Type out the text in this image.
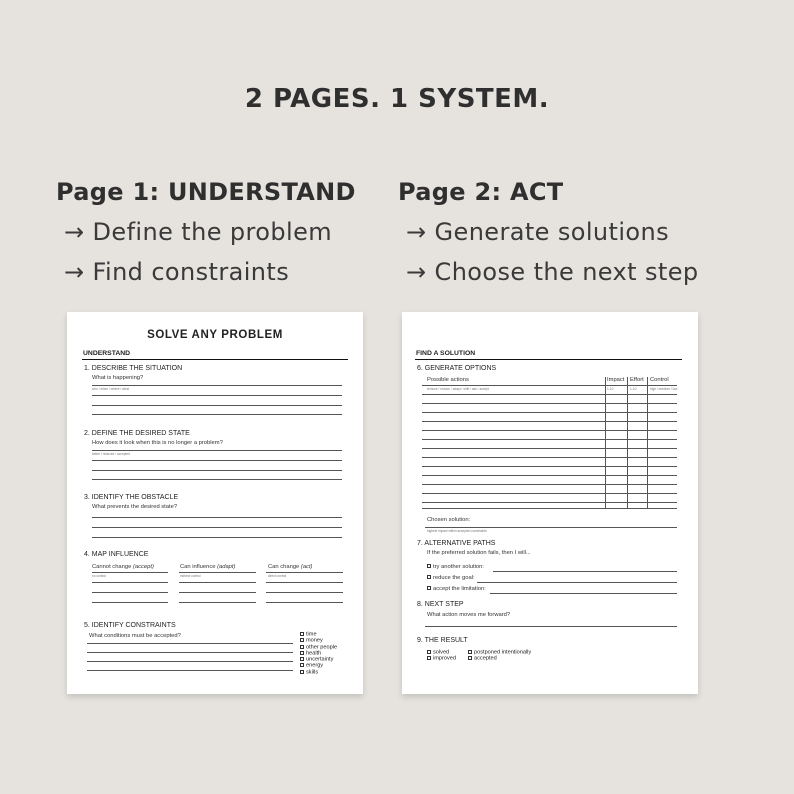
2 PAGES. 1 SYSTEM.
Page 1: UNDERSTAND
→ Define the problem
→ Find constraints
Page 2: ACT
→ Generate solutions
→ Choose the next step
SOLVE ANY PROBLEM
UNDERSTAND
1. DESCRIBE THE SITUATION
What is happening?
who / when / where / what
2. DEFINE THE DESIRED STATE
How does it look when this is no longer a problem?
better / reduced / accepted
3. IDENTIFY THE OBSTACLE
What prevents the desired state?
4. MAP INFLUENCE
Cannot change (accept)	Can influence (adapt)	Can change (act)
no control	indirect control	direct control
5. IDENTIFY CONSTRAINTS
What conditions must be accepted?	time
money
other people
health
uncertainty
energy
skills
FIND A SOLUTION
6. GENERATE OPTIONS
Possible actions	Impact Effort Control
remove / reduce / adapt / shift / ask / accept	1-10	1-10	high / medium / low
Chosen solution:
highest impact within accepted constraints
7. ALTERNATIVE PATHS
If the preferred solution fails, then I will...
try another solution:
reduce the goal:
accept the limitation:
8. NEXT STEP
What action moves me forward?
9. THE RESULT
solved
improved
postponed intentionally
accepted
